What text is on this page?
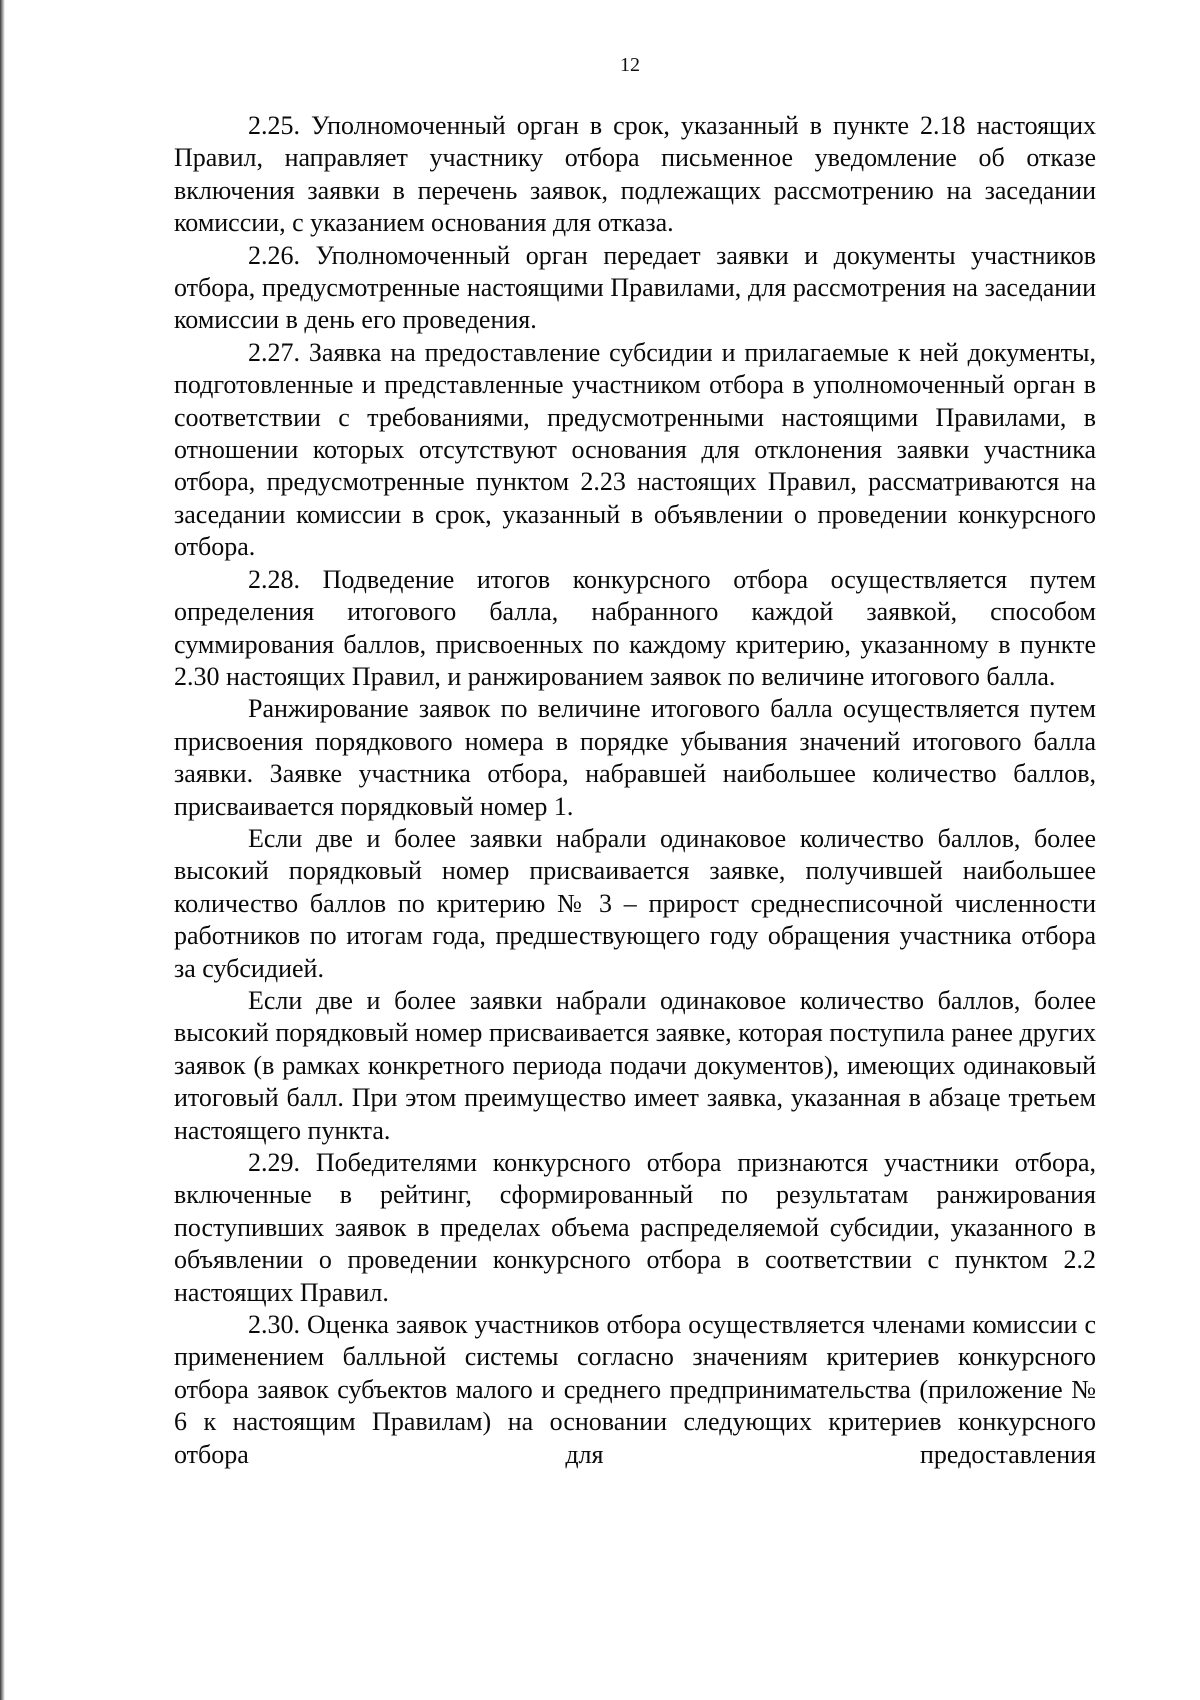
12

2.25. Уполномоченный орган в срок, указанный в пункте 2.18 настоящих Правил, направляет участнику отбора письменное уведомление об отказе включения заявки в перечень заявок, подлежащих рассмотрению на заседании комиссии, с указанием основания для отказа.

2.26. Уполномоченный орган передает заявки и документы участников отбора, предусмотренные настоящими Правилами, для рассмотрения на заседании комиссии в день его проведения.

2.27. Заявка на предоставление субсидии и прилагаемые к ней документы, подготовленные и представленные участником отбора в уполномоченный орган в соответствии с требованиями, предусмотренными настоящими Правилами, в отношении которых отсутствуют основания для отклонения заявки участника отбора, предусмотренные пунктом 2.23 настоящих Правил, рассматриваются на заседании комиссии в срок, указанный в объявлении о проведении конкурсного отбора.

2.28. Подведение итогов конкурсного отбора осуществляется путем определения итогового балла, набранного каждой заявкой, способом суммирования баллов, присвоенных по каждому критерию, указанному в пункте 2.30 настоящих Правил, и ранжированием заявок по величине итогового балла.

Ранжирование заявок по величине итогового балла осуществляется путем присвоения порядкового номера в порядке убывания значений итогового балла заявки. Заявке участника отбора, набравшей наибольшее количество баллов, присваивается порядковый номер 1.

Если две и более заявки набрали одинаковое количество баллов, более высокий порядковый номер присваивается заявке, получившей наибольшее количество баллов по критерию № 3 – прирост среднесписочной численности работников по итогам года, предшествующего году обращения участника отбора за субсидией.

Если две и более заявки набрали одинаковое количество баллов, более высокий порядковый номер присваивается заявке, которая поступила ранее других заявок (в рамках конкретного периода подачи документов), имеющих одинаковый итоговый балл. При этом преимущество имеет заявка, указанная в абзаце третьем настоящего пункта.

2.29. Победителями конкурсного отбора признаются участники отбора, включенные в рейтинг, сформированный по результатам ранжирования поступивших заявок в пределах объема распределяемой субсидии, указанного в объявлении о проведении конкурсного отбора в соответствии с пунктом 2.2 настоящих Правил.

2.30. Оценка заявок участников отбора осуществляется членами комиссии с применением балльной системы согласно значениям критериев конкурсного отбора заявок субъектов малого и среднего предпринимательства (приложение № 6 к настоящим Правилам) на основании следующих критериев конкурсного отбора для предоставления
